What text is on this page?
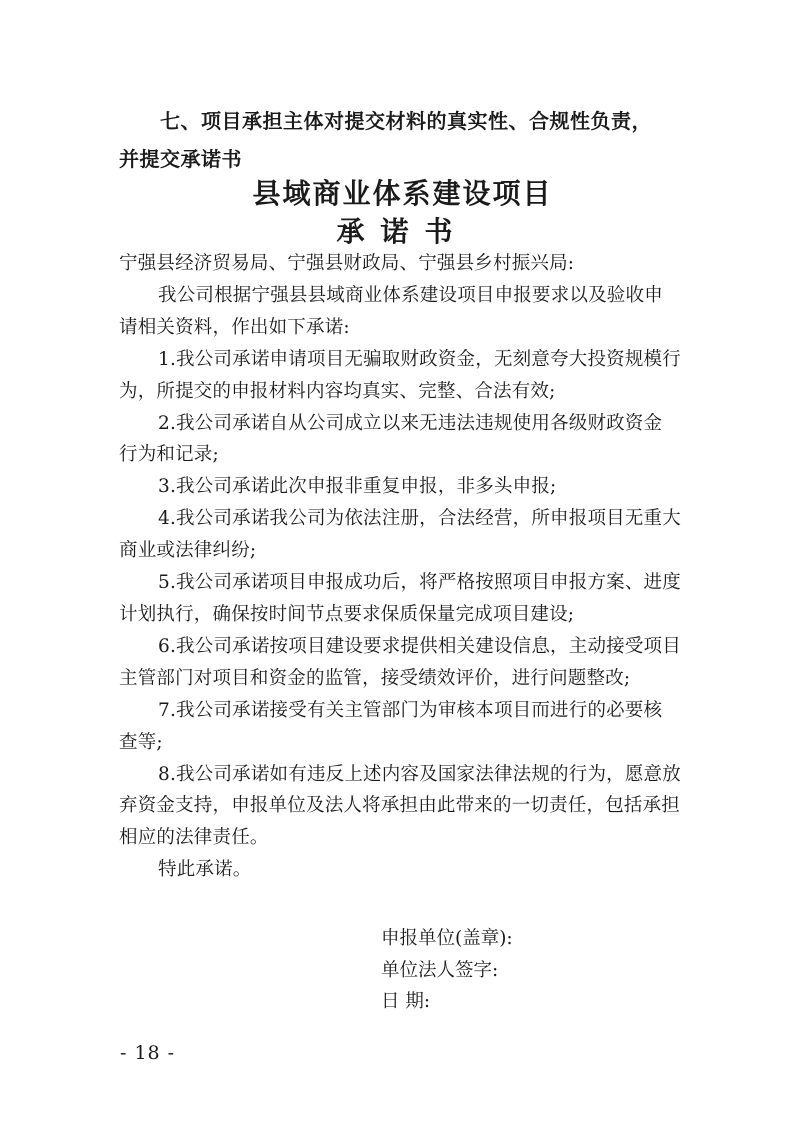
七、项目承担主体对提交材料的真实性、合规性负责，
并提交承诺书
县域商业体系建设项目
承诺书
宁强县经济贸易局、宁强县财政局、宁强县乡村振兴局:
我公司根据宁强县县域商业体系建设项目申报要求以及验收申
请相关资料，作出如下承诺:
1.我公司承诺申请项目无骗取财政资金，无刻意夸大投资规模行
为，所提交的申报材料内容均真实、完整、合法有效;
2.我公司承诺自从公司成立以来无违法违规使用各级财政资金
行为和记录;
3.我公司承诺此次申报非重复申报，非多头申报;
4.我公司承诺我公司为依法注册，合法经营，所申报项目无重大
商业或法律纠纷;
5.我公司承诺项目申报成功后，将严格按照项目申报方案、进度
计划执行，确保按时间节点要求保质保量完成项目建设;
6.我公司承诺按项目建设要求提供相关建设信息，主动接受项目
主管部门对项目和资金的监管，接受绩效评价，进行问题整改;
7.我公司承诺接受有关主管部门为审核本项目而进行的必要核
查等;
8.我公司承诺如有违反上述内容及国家法律法规的行为，愿意放
弃资金支持，申报单位及法人将承担由此带来的一切责任，包括承担
相应的法律责任。
特此承诺。
申报单位(盖章):
单位法人签字:
日 期:
- 18 -
